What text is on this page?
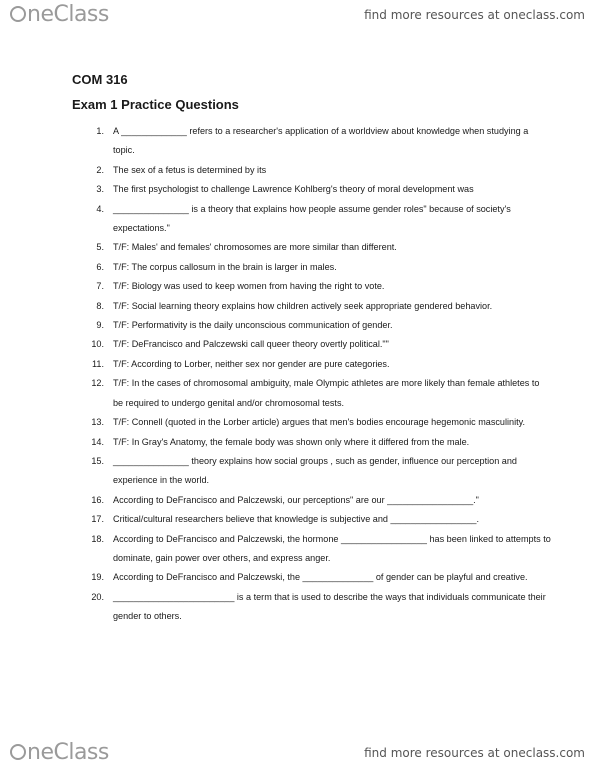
neClass	find more resources at oneclass.com
COM 316
Exam 1 Practice Questions
1. A _____________ refers to a researcher's application of a worldview about knowledge when studying a topic.
2. The sex of a fetus is determined by its
3. The first psychologist to challenge Lawrence Kohlberg's theory of moral development was
4. _______________ is a theory that explains how people assume gender roles" because of society's expectations."
5. T/F: Males' and females' chromosomes are more similar than different.
6. T/F: The corpus callosum in the brain is larger in males.
7. T/F: Biology was used to keep women from having the right to vote.
8. T/F: Social learning theory explains how children actively seek appropriate gendered behavior.
9. T/F: Performativity is the daily unconscious communication of gender.
10. T/F: DeFrancisco and Palczewski call queer theory overtly political.""
11. T/F: According to Lorber, neither sex nor gender are pure categories.
12. T/F: In the cases of chromosomal ambiguity, male Olympic athletes are more likely than female athletes to be required to undergo genital and/or chromosomal tests.
13. T/F: Connell (quoted in the Lorber article) argues that men's bodies encourage hegemonic masculinity.
14. T/F: In Gray's Anatomy, the female body was shown only where it differed from the male.
15. _______________ theory explains how social groups , such as gender, influence our perception and experience in the world.
16. According to DeFrancisco and Palczewski, our perceptions" are our _________________."
17. Critical/cultural researchers believe that knowledge is subjective and _________________.
18. According to DeFrancisco and Palczewski, the hormone _________________ has been linked to attempts to dominate, gain power over others, and express anger.
19. According to DeFrancisco and Palczewski, the ______________ of gender can be playful and creative.
20. ________________________ is a term that is used to describe the ways that individuals communicate their gender to others.
neClass	find more resources at oneclass.com
